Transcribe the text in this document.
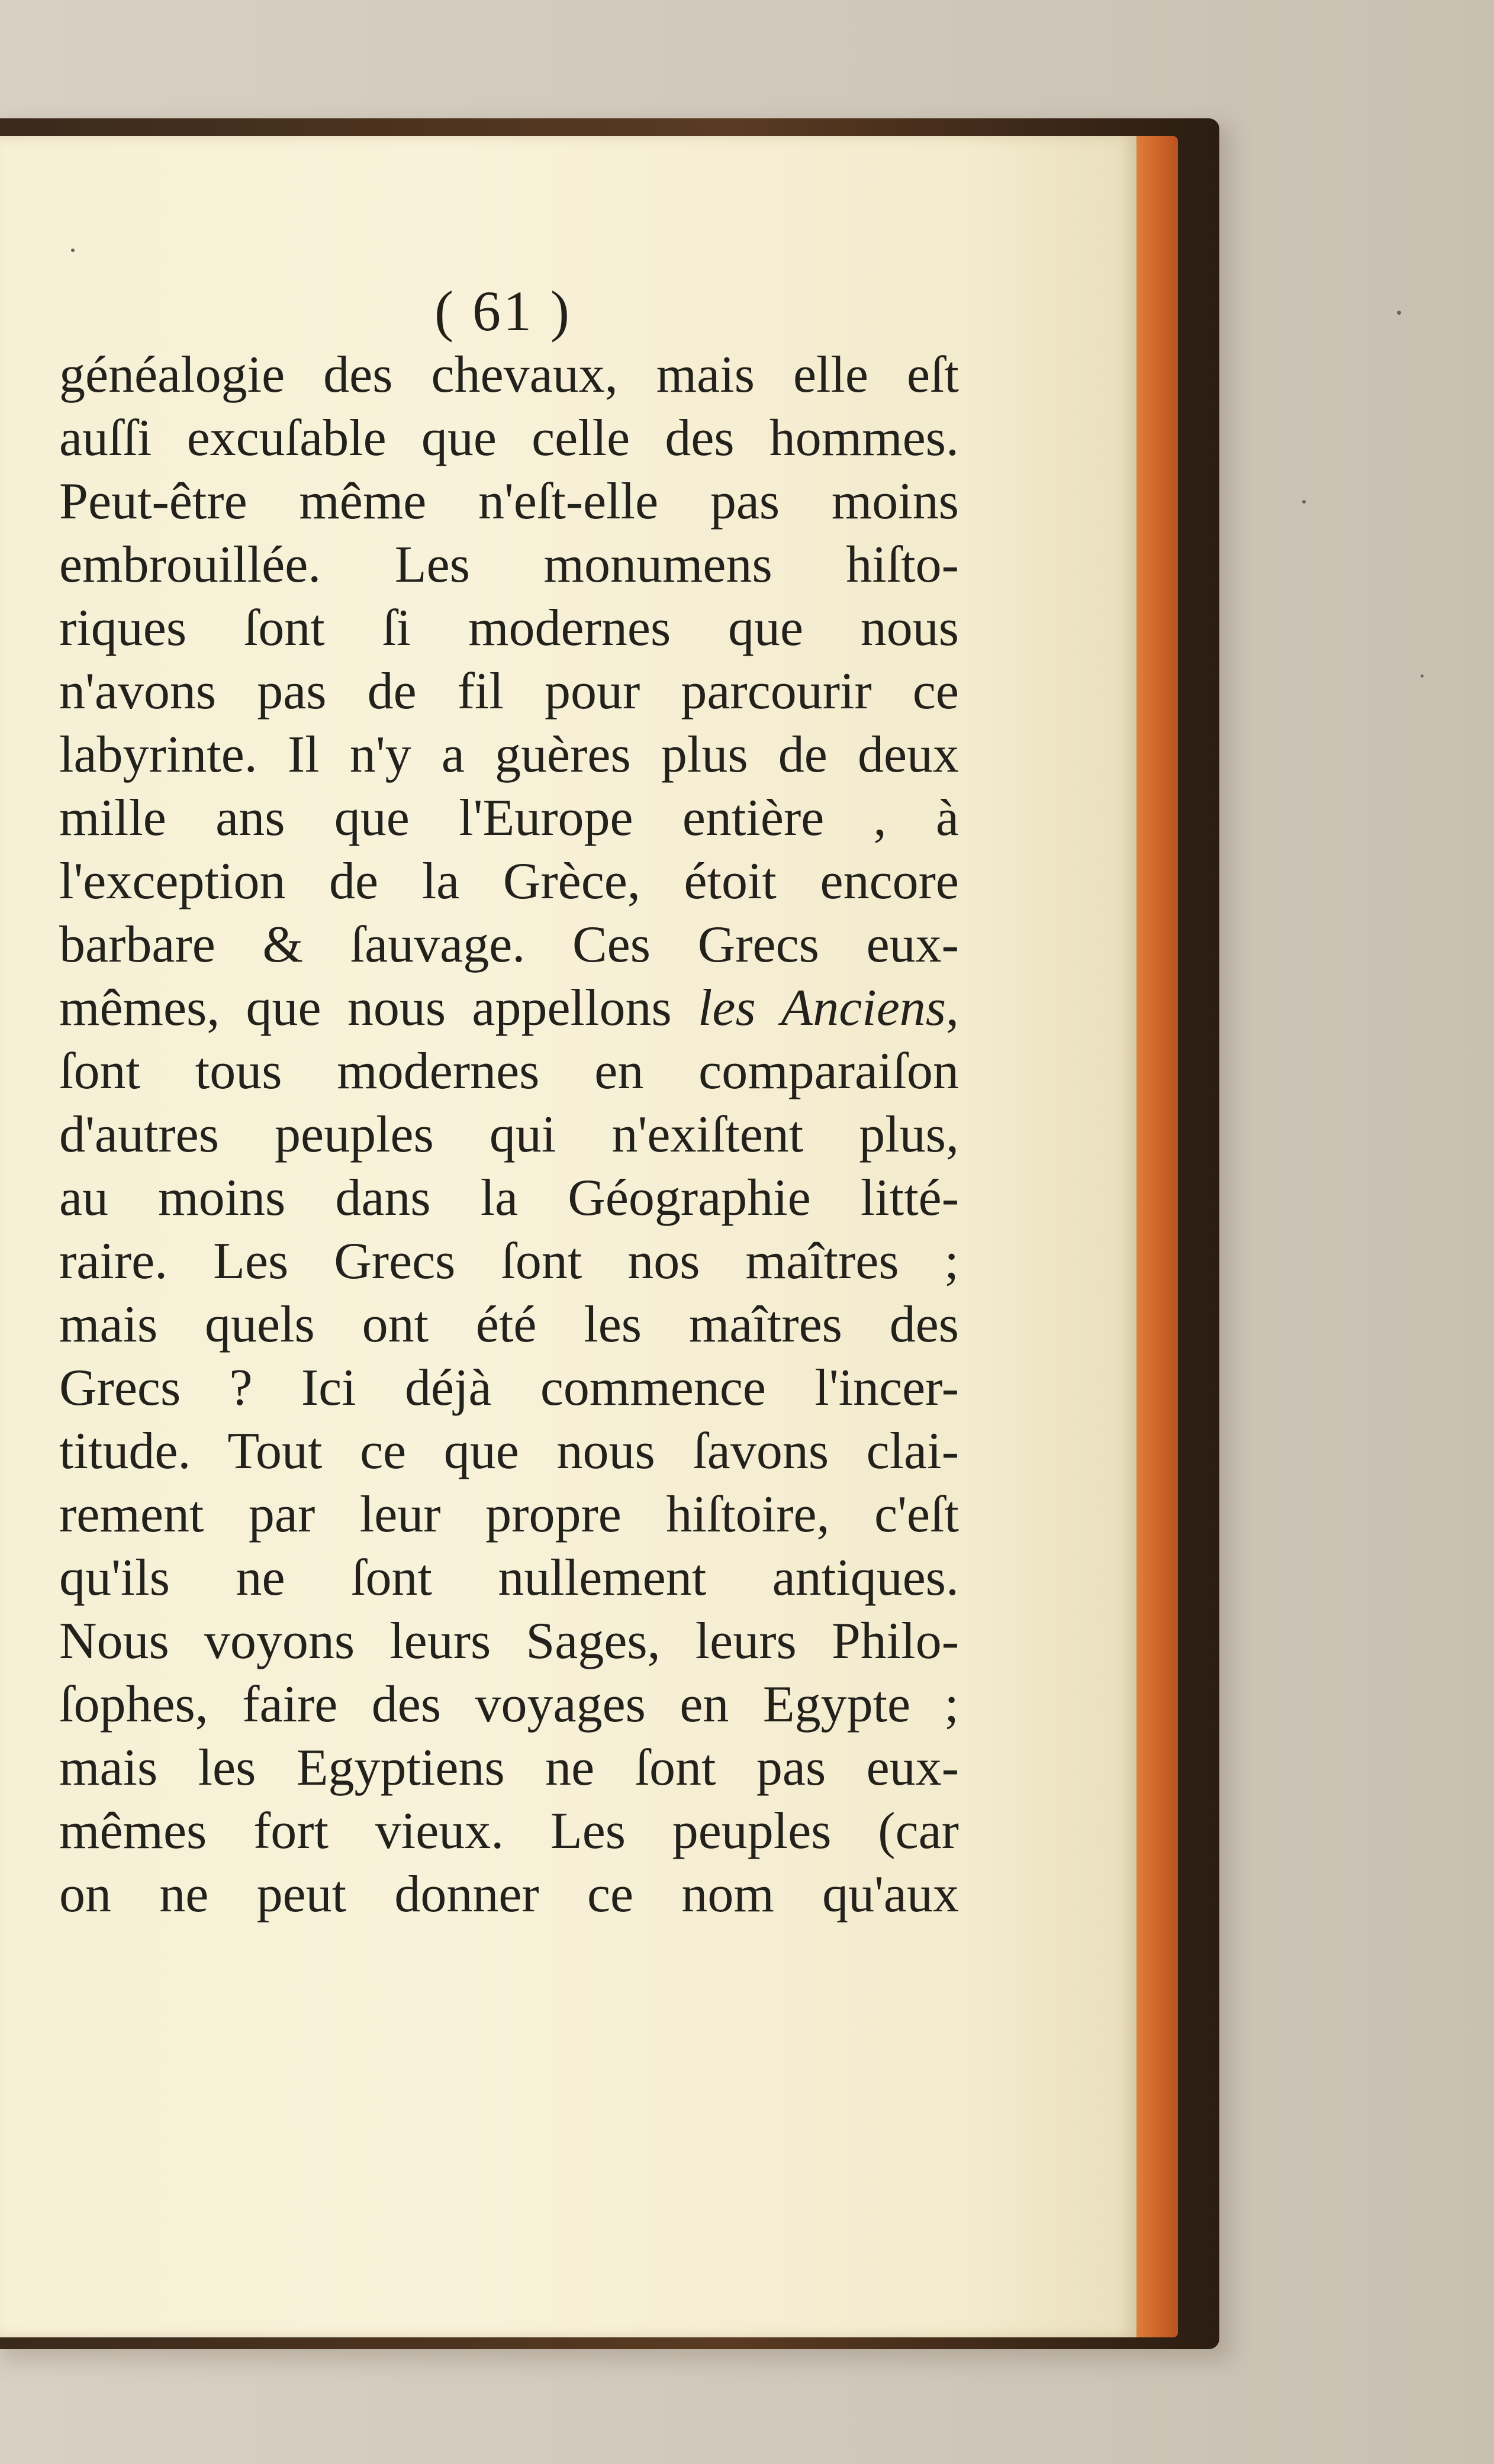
( 61 )
généalogie des chevaux, mais elle eſt
auſſi excuſable que celle des hommes.
Peut-être même n'eſt-elle pas moins
embrouillée. Les monumens hiſto-
riques ſont ſi modernes que nous
n'avons pas de fil pour parcourir ce
labyrinte. Il n'y a guères plus de deux
mille ans que l'Europe entière , à
l'exception de la Grèce, étoit encore
barbare & ſauvage. Ces Grecs eux-
mêmes, que nous appellons les Anciens,
ſont tous modernes en comparaiſon
d'autres peuples qui n'exiſtent plus,
au moins dans la Géographie litté-
raire. Les Grecs ſont nos maîtres ;
mais quels ont été les maîtres des
Grecs ? Ici déjà commence l'incer-
titude. Tout ce que nous ſavons clai-
rement par leur propre hiſtoire, c'eſt
qu'ils ne ſont nullement antiques.
Nous voyons leurs Sages, leurs Philo-
ſophes, faire des voyages en Egypte ;
mais les Egyptiens ne ſont pas eux-
mêmes fort vieux. Les peuples (car
on ne peut donner ce nom qu'aux
